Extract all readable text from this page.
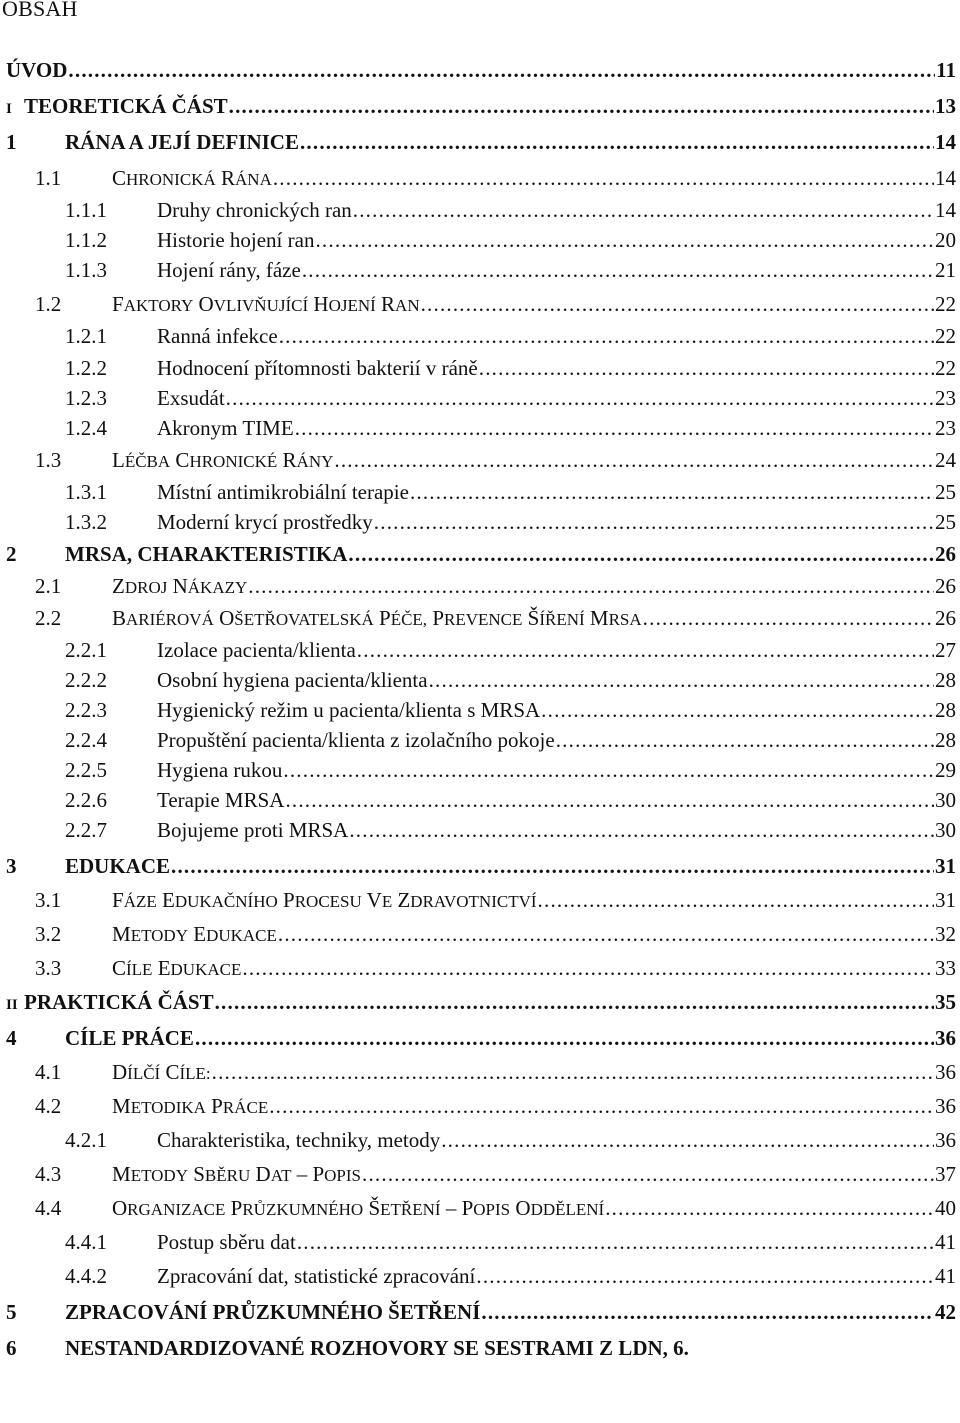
OBSAH
ÚVOD .....	11
I TEORETICKÁ ČÁST .....	13
1	RÁNA A JEJÍ DEFINICE .....	14
1.1	CHRONICKÁ RÁNA .....	14
1.1.1	Druhy chronických ran .....	14
1.1.2	Historie hojení ran .....	20
1.1.3	Hojení rány, fáze .....	21
1.2	FAKTORY OVLIVŇUJÍCÍ HOJENÍ RAN .....	22
1.2.1	Ranná infekce .....	22
1.2.2	Hodnocení přítomnosti bakterií v ráně .....	22
1.2.3	Exsudát .....	23
1.2.4	Akronym TIME .....	23
1.3	LÉČBA CHRONICKÉ RÁNY .....	24
1.3.1	Místní antimikrobiální terapie .....	25
1.3.2	Moderní krycí prostředky .....	25
2	MRSA, CHARAKTERISTIKA .....	26
2.1	ZDROJ NÁKAZY .....	26
2.2	BARIÉROVÁ OŠETŘOVATELSKÁ PÉČE, PREVENCE ŠÍŘENÍ MRSA .....	26
2.2.1	Izolace pacienta/klienta .....	27
2.2.2	Osobní hygiena pacienta/klienta .....	28
2.2.3	Hygienický režim u pacienta/klienta s MRSA .....	28
2.2.4	Propuštění pacienta/klienta z izolačního pokoje .....	28
2.2.5	Hygiena rukou .....	29
2.2.6	Terapie MRSA .....	30
2.2.7	Bojujeme proti MRSA .....	30
3	EDUKACE .....	31
3.1	FÁZE EDUKAČNÍHO PROCESU VE ZDRAVOTNICTVÍ .....	31
3.2	METODY EDUKACE .....	32
3.3	CÍLE EDUKACE .....	33
II PRAKTICKÁ ČÁST .....	35
4	CÍLE PRÁCE .....	36
4.1	DÍLČÍ CÍLE: .....	36
4.2	METODIKA PRÁCE .....	36
4.2.1	Charakteristika, techniky, metody .....	36
4.3	METODY SBĚRU DAT – POPIS .....	37
4.4	ORGANIZACE PRŮZKUMNÉHO ŠETŘENÍ – POPIS ODDĚLENÍ .....	40
4.4.1	Postup sběru dat .....	41
4.4.2	Zpracování dat, statistické zpracování .....	41
5	ZPRACOVÁNÍ PRŮZKUMNÉHO ŠETŘENÍ .....	42
6	NESTANDARDIZOVANÉ ROZHOVORY SE SESTRAMI Z LDN, 6.
